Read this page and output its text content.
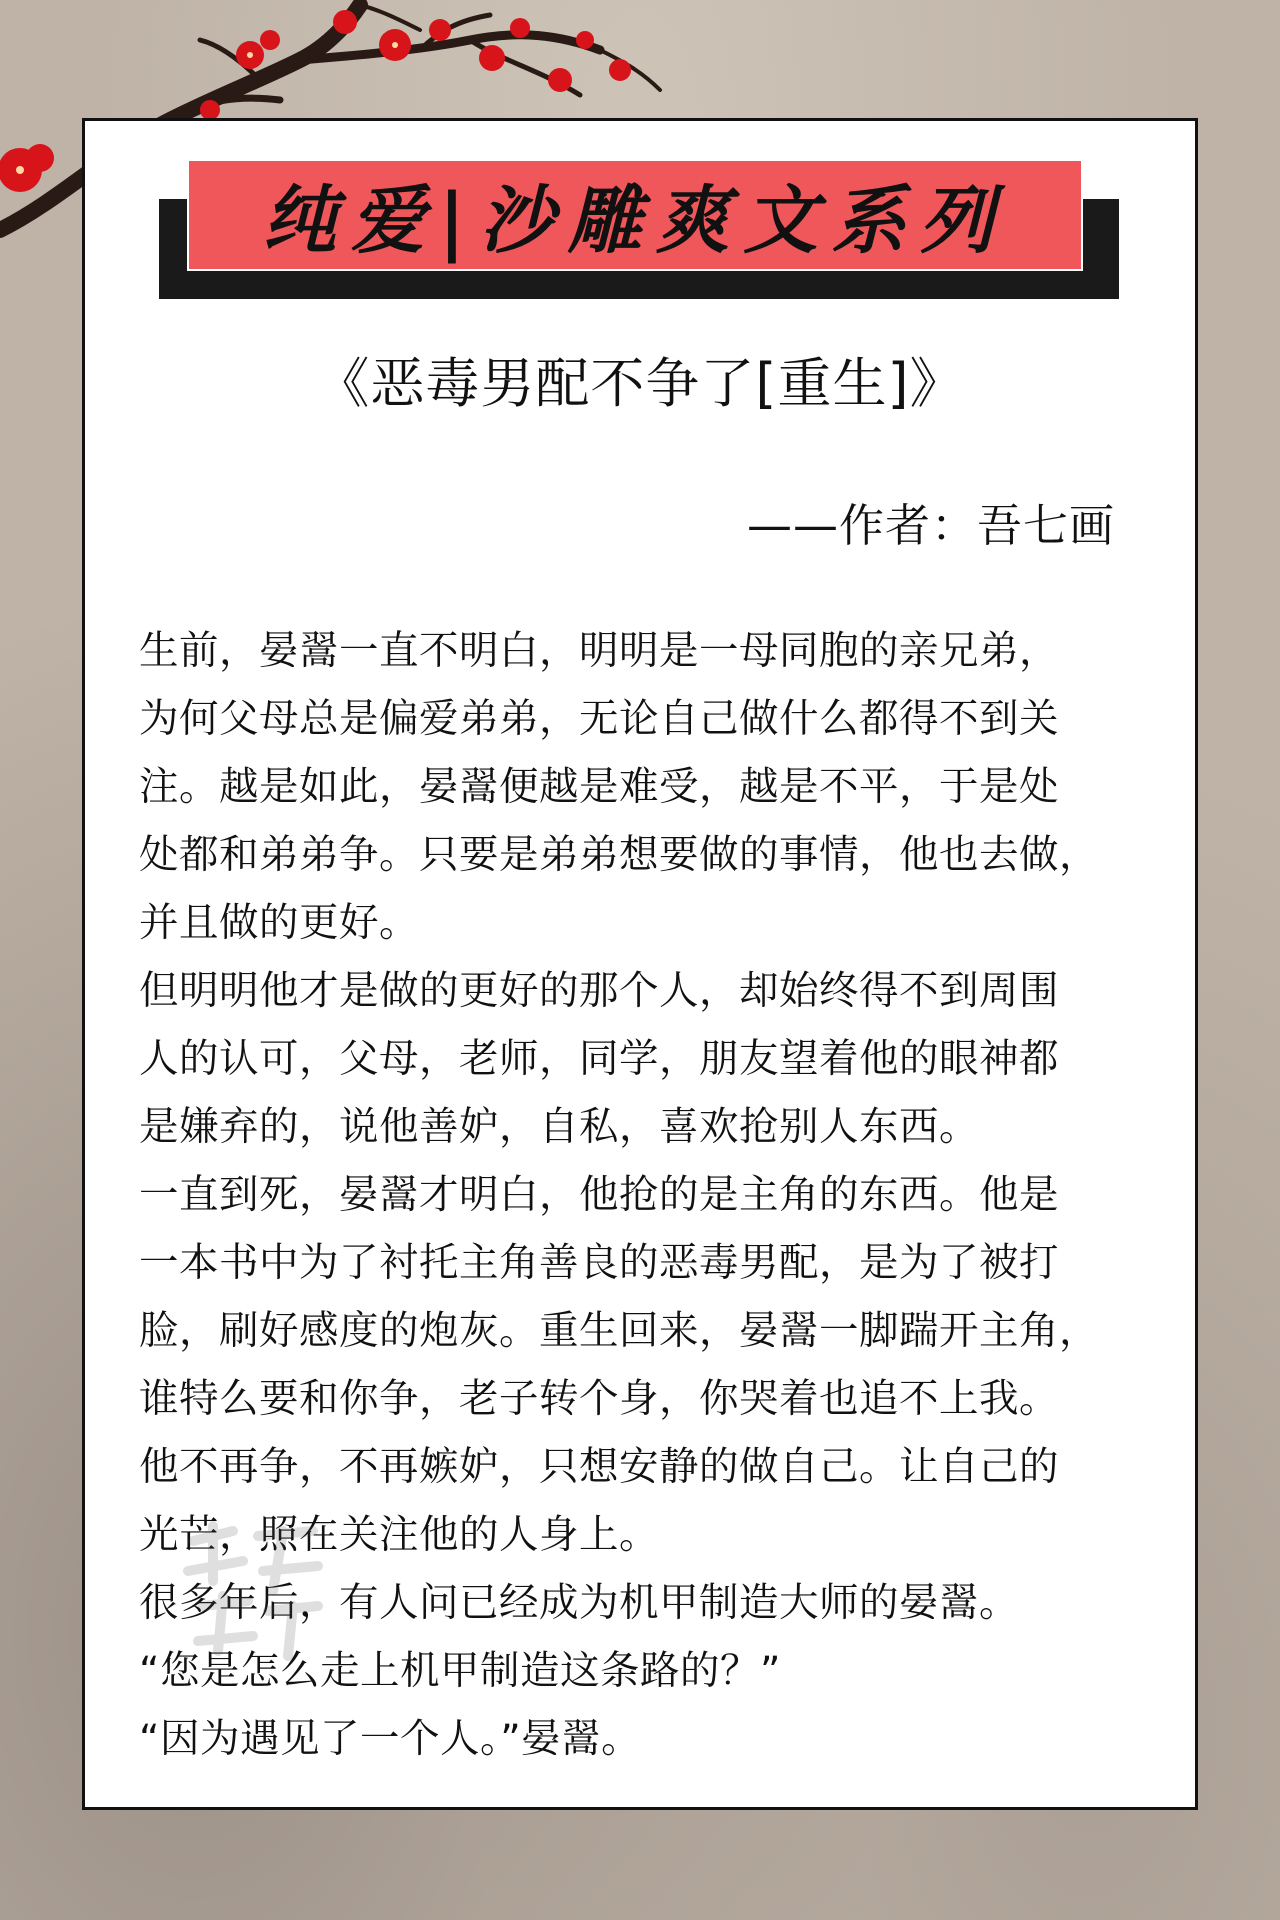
纯爱|沙雕爽文系列
《恶毒男配不争了[重生]》
——作者：吾七画

生前，晏翯一直不明白，明明是一母同胞的亲兄弟，

为何父母总是偏爱弟弟，无论自己做什么都得不到关

注。越是如此，晏翯便越是难受，越是不平，于是处

处都和弟弟争。只要是弟弟想要做的事情，他也去做，

并且做的更好。

但明明他才是做的更好的那个人，却始终得不到周围

人的认可，父母，老师，同学，朋友望着他的眼神都

是嫌弃的，说他善妒，自私，喜欢抢别人东西。

一直到死，晏翯才明白，他抢的是主角的东西。他是

一本书中为了衬托主角善良的恶毒男配，是为了被打

脸，刷好感度的炮灰。重生回来，晏翯一脚踹开主角，

谁特么要和你争，老子转个身，你哭着也追不上我。

他不再争，不再嫉妒，只想安静的做自己。让自己的

光芒，照在关注他的人身上。

很多年后，有人问已经成为机甲制造大师的晏翯。

“您是怎么走上机甲制造这条路的？”

“因为遇见了一个人。”晏翯。
